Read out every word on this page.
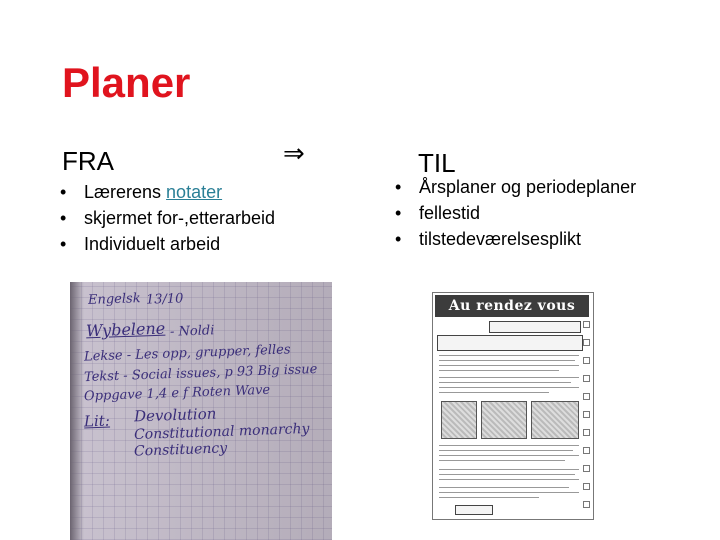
Planer
FRA	⇒	TIL
• Lærerens notater
• skjermet for-,etterarbeid
• Individuelt arbeid
• Årsplaner og periodeplaner
• fellestid
• tilstedeværelsesplikt
Engelsk 13/10
Wybelene - Noldi
Lekse - Les opp, grupper, felles
Tekst - Social issues, p 93 Big issue
Oppgave 1,4 e f Roten Wave
Lit: Devolution
Constitutional monarchy
Constituency
Au rendez vous
